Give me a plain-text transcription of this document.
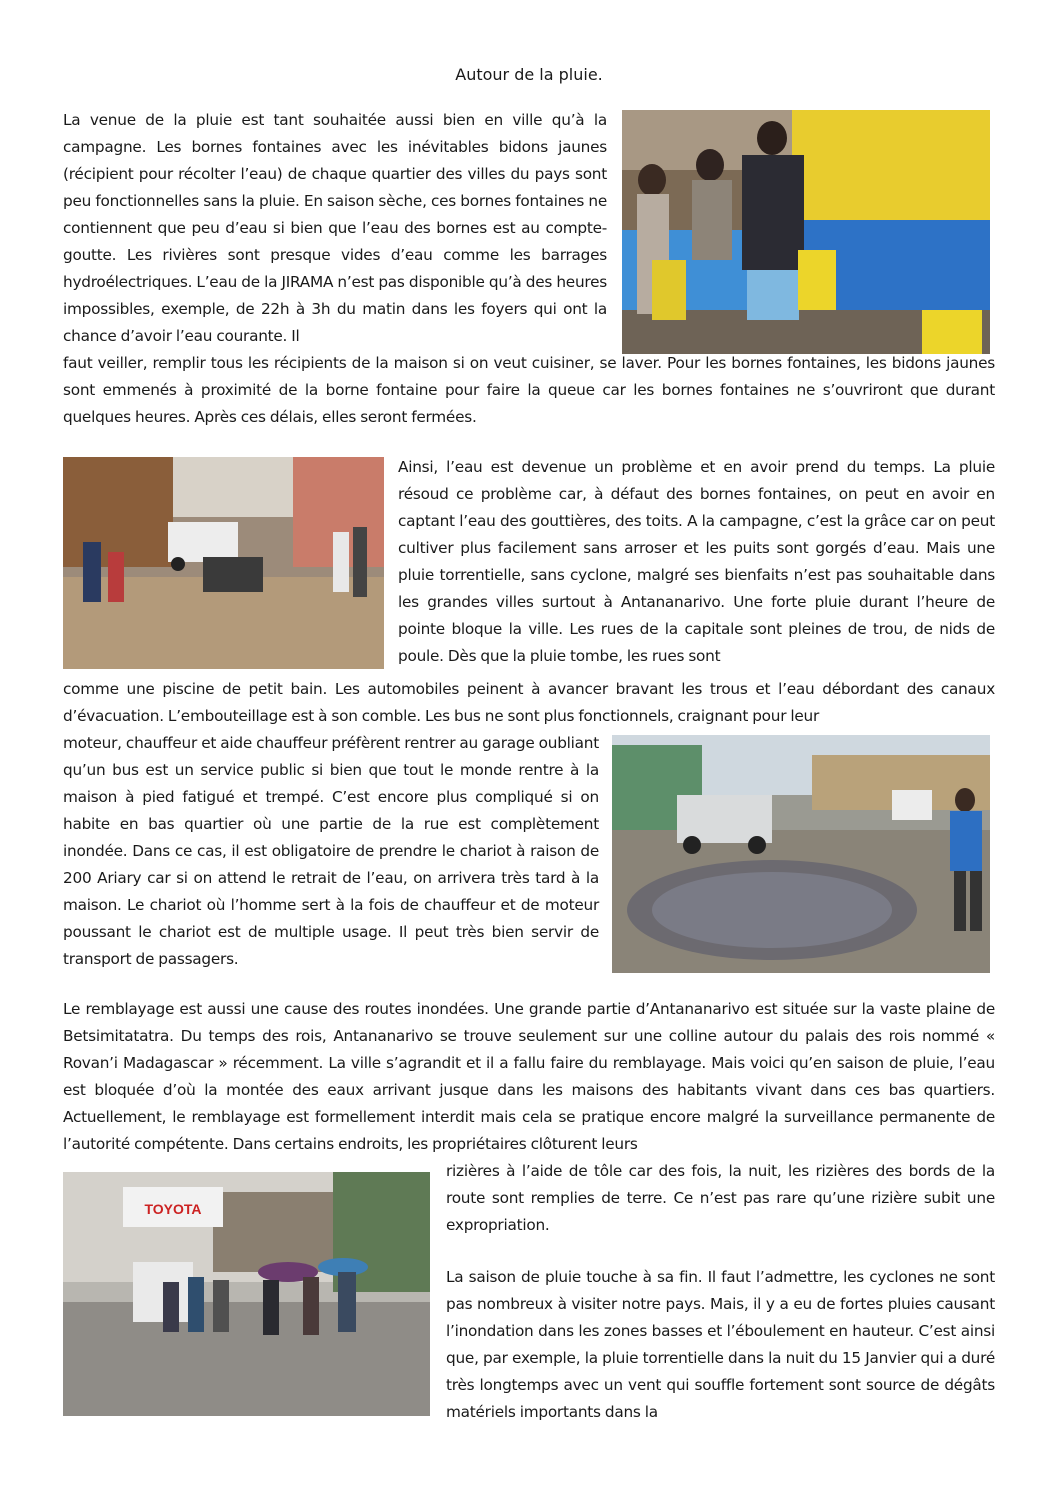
Autour de la pluie.

La venue de la pluie est tant souhaitée aussi bien en ville qu’à la campagne. Les bornes fontaines avec les inévitables bidons jaunes (récipient pour récolter l’eau) de chaque quartier des villes du pays sont peu fonctionnelles sans la pluie. En saison sèche, ces bornes fontaines ne contiennent que peu d’eau si bien que l’eau des bornes est au compte-goutte. Les rivières sont presque vides d’eau comme les barrages hydroélectriques. L’eau de la JIRAMA n’est pas disponible qu’à des heures impossibles, exemple, de 22h à 3h du matin dans les foyers qui ont la chance d’avoir l’eau courante. Il

faut veiller, remplir tous les récipients de la maison si on veut cuisiner, se laver. Pour les bornes fontaines, les bidons jaunes sont emmenés à proximité de la borne fontaine pour faire la queue car les bornes fontaines ne s’ouvriront que durant quelques heures. Après ces délais, elles seront fermées.

Ainsi, l’eau est devenue un problème et en avoir prend du temps. La pluie résoud ce problème car, à défaut des bornes fontaines, on peut en avoir en captant l’eau des gouttières, des toits. A la campagne, c’est la grâce car on peut cultiver plus facilement sans arroser et les puits sont gorgés d’eau. Mais une pluie torrentielle, sans cyclone, malgré ses bienfaits n’est pas souhaitable dans les grandes villes surtout à Antananarivo. Une forte pluie durant l’heure de pointe bloque la ville. Les rues de la capitale sont pleines de trou, de nids de poule. Dès que la pluie tombe, les rues sont

comme une piscine de petit bain. Les automobiles peinent à avancer bravant les trous et l’eau débordant des canaux d’évacuation. L’embouteillage est à son comble. Les bus ne sont plus fonctionnels, craignant pour leur

moteur, chauffeur et aide chauffeur préfèrent rentrer au garage oubliant qu’un bus est un service public si bien que tout le monde rentre à la maison à pied fatigué et trempé. C’est encore plus compliqué si on habite en bas quartier où une partie de la rue est complètement inondée. Dans ce cas, il est obligatoire de prendre le chariot à raison de 200 Ariary car si on attend le retrait de l’eau, on arrivera très tard à la maison. Le chariot où l’homme sert à la fois de chauffeur et de moteur poussant le chariot est de multiple usage. Il peut très bien servir de transport de passagers.

Le remblayage est aussi une cause des routes inondées. Une grande partie d’Antananarivo est située sur la vaste plaine de Betsimitatatra. Du temps des rois, Antananarivo se trouve seulement sur une colline autour du palais des rois nommé « Rovan’i Madagascar » récemment. La ville s’agrandit et il a fallu faire du remblayage. Mais voici qu’en saison de pluie, l’eau est bloquée d’où la montée des eaux arrivant jusque dans les maisons des habitants vivant dans ces bas quartiers. Actuellement, le remblayage est formellement interdit mais cela se pratique encore malgré la surveillance permanente de l’autorité compétente. Dans certains endroits, les propriétaires clôturent leurs

rizières à l’aide de tôle car des fois, la nuit, les rizières des bords de la route sont remplies de terre. Ce n’est pas rare qu’une rizière subit une expropriation.

TOYOTA

La saison de pluie touche à sa fin. Il faut l’admettre, les cyclones ne sont pas nombreux à visiter notre pays. Mais, il y a eu de fortes pluies causant l’inondation dans les zones basses et l’éboulement en hauteur. C’est ainsi que, par exemple, la pluie torrentielle dans la nuit du 15 Janvier qui a duré très longtemps avec un vent qui souffle fortement sont source de dégâts matériels importants dans la
